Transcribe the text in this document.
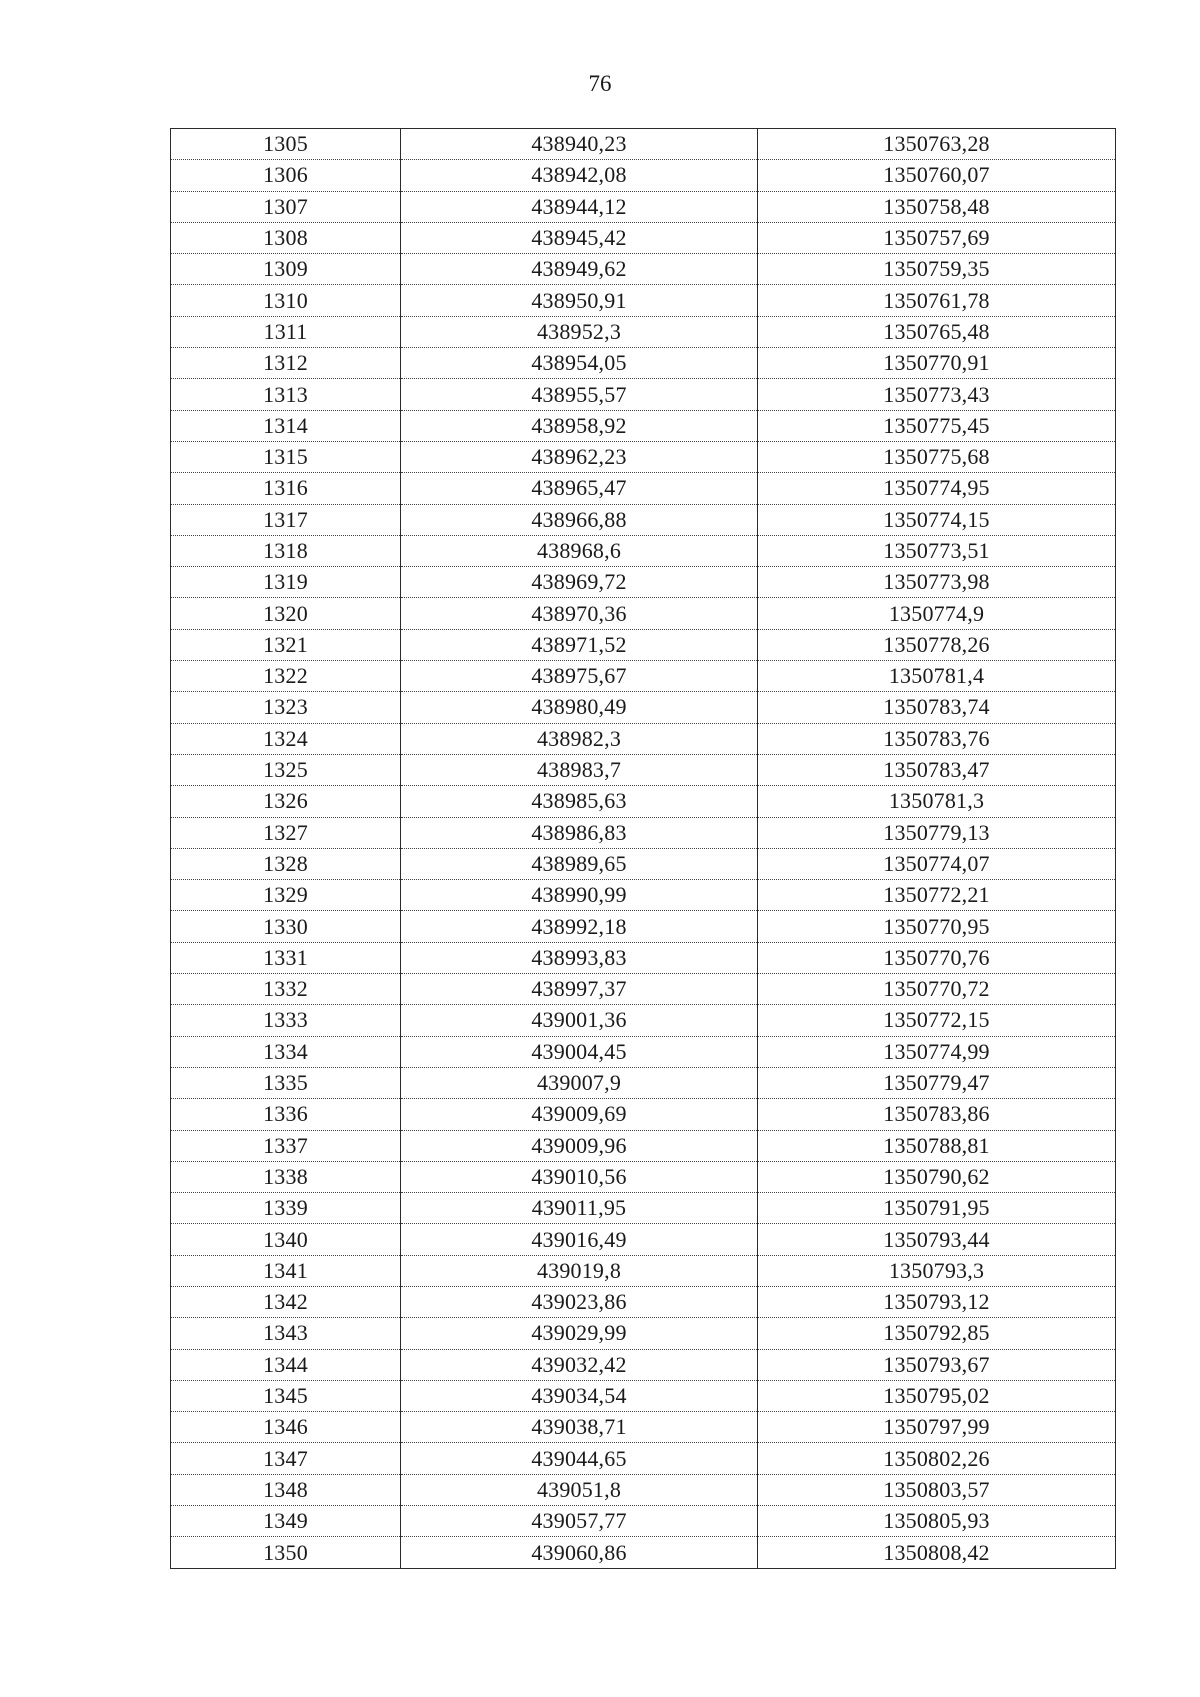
76
1305	438940,23	1350763,28
1306	438942,08	1350760,07
1307	438944,12	1350758,48
1308	438945,42	1350757,69
1309	438949,62	1350759,35
1310	438950,91	1350761,78
1311	438952,3	1350765,48
1312	438954,05	1350770,91
1313	438955,57	1350773,43
1314	438958,92	1350775,45
1315	438962,23	1350775,68
1316	438965,47	1350774,95
1317	438966,88	1350774,15
1318	438968,6	1350773,51
1319	438969,72	1350773,98
1320	438970,36	1350774,9
1321	438971,52	1350778,26
1322	438975,67	1350781,4
1323	438980,49	1350783,74
1324	438982,3	1350783,76
1325	438983,7	1350783,47
1326	438985,63	1350781,3
1327	438986,83	1350779,13
1328	438989,65	1350774,07
1329	438990,99	1350772,21
1330	438992,18	1350770,95
1331	438993,83	1350770,76
1332	438997,37	1350770,72
1333	439001,36	1350772,15
1334	439004,45	1350774,99
1335	439007,9	1350779,47
1336	439009,69	1350783,86
1337	439009,96	1350788,81
1338	439010,56	1350790,62
1339	439011,95	1350791,95
1340	439016,49	1350793,44
1341	439019,8	1350793,3
1342	439023,86	1350793,12
1343	439029,99	1350792,85
1344	439032,42	1350793,67
1345	439034,54	1350795,02
1346	439038,71	1350797,99
1347	439044,65	1350802,26
1348	439051,8	1350803,57
1349	439057,77	1350805,93
1350	439060,86	1350808,42
